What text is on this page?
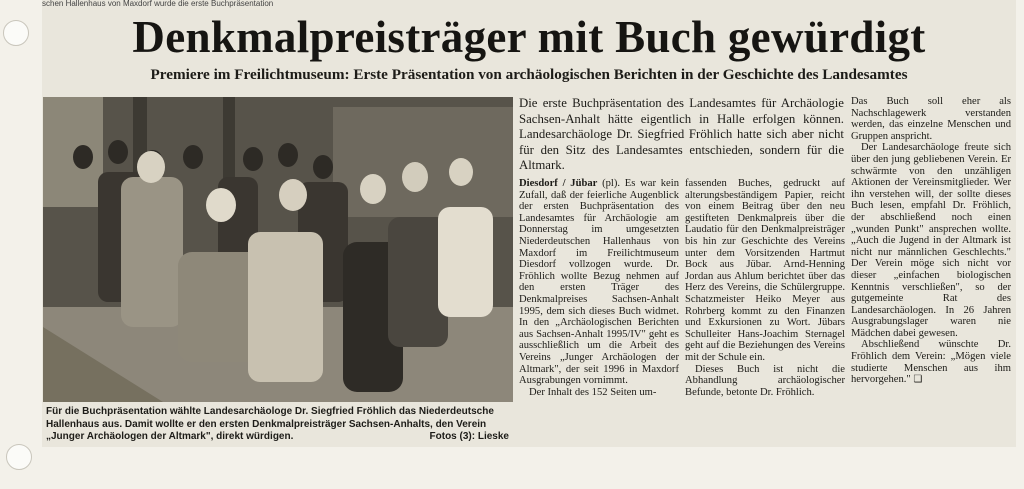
schen Hallenhaus von Maxdorf wurde die erste Buchpräsentation
Denkmalpreisträger mit Buch gewürdigt
Premiere im Freilichtmuseum: Erste Präsentation von archäologischen Berichten in der Geschichte des Landesamtes
Für die Buchpräsentation wählte Landesarchäologe Dr. Siegfried Fröhlich das Niederdeutsche Hallenhaus aus. Damit wollte er den ersten Denkmalpreisträger Sachsen-Anhalts, den Verein „Junger Archäologen der Altmark", direkt würdigen.	Fotos (3): Lieske
Die erste Buchpräsentation des Landesamtes für Archäologie Sachsen-Anhalt hätte eigentlich in Halle erfolgen können. Landesarchäologe Dr. Siegfried Fröhlich hatte sich aber nicht für den Sitz des Landesamtes entschieden, sondern für die Altmark.

Diesdorf / Jübar (pl). Es war kein Zufall, daß der feierliche Augenblick der ersten Buchpräsentation des Landesamtes für Archäologie am Donnerstag im umgesetzten Niederdeutschen Hallenhaus von Maxdorf im Freilichtmuseum Diesdorf vollzogen wurde. Dr. Fröhlich wollte Bezug nehmen auf den ersten Träger des Denkmalpreises Sachsen-Anhalt 1995, dem sich dieses Buch widmet. In den „Archäologischen Berichten aus Sachsen-Anhalt 1995/IV" geht es ausschließlich um die Arbeit des Vereins „Junger Archäologen der Altmark", der seit 1996 in Maxdorf Ausgrabungen vornimmt.

Der Inhalt des 152 Seiten um-

fassenden Buches, gedruckt auf alterungsbeständigem Papier, reicht von einem Beitrag über den neu gestifteten Denkmalpreis über die Laudatio für den Denkmalpreisträger bis hin zur Geschichte des Vereins unter dem Vorsitzenden Hartmut Bock aus Jübar. Arnd-Henning Jordan aus Ahlum berichtet über das Herz des Vereins, die Schülergruppe. Schatzmeister Heiko Meyer aus Rohrberg kommt zu den Finanzen und Exkursionen zu Wort. Jübars Schulleiter Hans-Joachim Sternagel geht auf die Beziehungen des Vereins mit der Schule ein.

Dieses Buch ist nicht die Abhandlung archäologischer Befunde, betonte Dr. Fröhlich.

Das Buch soll eher als Nachschlagewerk verstanden werden, das einzelne Menschen und Gruppen anspricht.

Der Landesarchäologe freute sich über den jung gebliebenen Verein. Er schwärmte von den unzähligen Aktionen der Vereinsmitglieder. Wer ihn verstehen will, der sollte dieses Buch lesen, empfahl Dr. Fröhlich, der abschließend noch einen „wunden Punkt" ansprechen wollte. „Auch die Jugend in der Altmark ist nicht nur männlichen Geschlechts." Der Verein möge sich nicht vor dieser „einfachen biologischen Kenntnis verschließen", so der gutgemeinte Rat des Landesarchäologen. In 26 Jahren Ausgrabungslager waren nie Mädchen dabei gewesen.

Abschließend wünschte Dr. Fröhlich dem Verein: „Mögen viele studierte Menschen aus ihm hervorgehen." ❏
